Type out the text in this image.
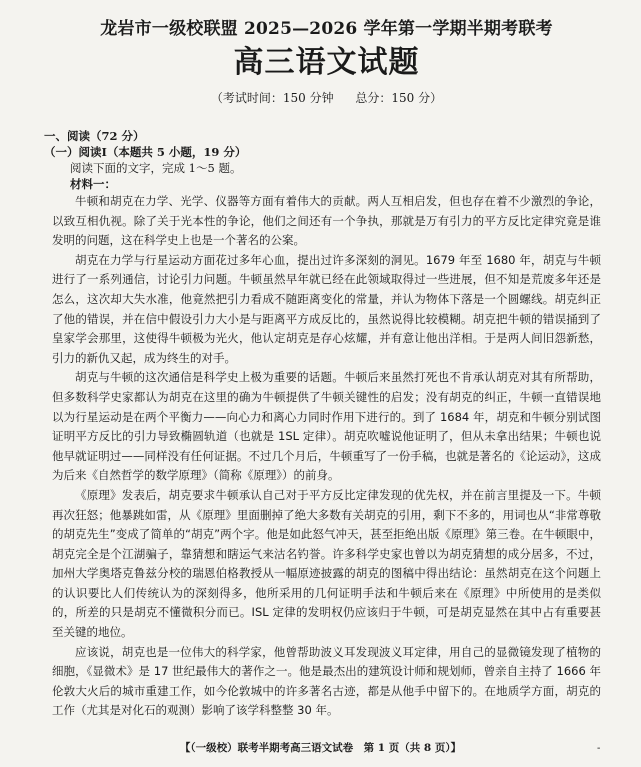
龙岩市一级校联盟 2025—2026 学年第一学期半期考联考
高三语文试题
（考试时间：150 分钟 总分：150 分）
一、阅读（72 分）
（一）阅读Ⅰ（本题共 5 小题，19 分）
阅读下面的文字，完成 1～5 题。
材料一：

牛顿和胡克在力学、光学、仪器等方面有着伟大的贡献。两人互相启发，但也存在着不少激烈的争论，以致互相仇视。除了关于光本性的争论，他们之间还有一个争执，那就是万有引力的平方反比定律究竟是谁发明的问题，这在科学史上也是一个著名的公案。

胡克在力学与行星运动方面花过多年心血，提出过许多深刻的洞见。1679 年至 1680 年，胡克与牛顿进行了一系列通信，讨论引力问题。牛顿虽然早年就已经在此领域取得过一些进展，但不知是荒废多年还是怎么，这次却大失水准，他竟然把引力看成不随距离变化的常量，并认为物体下落是一个圆螺线。胡克纠正了他的错误，并在信中假设引力大小是与距离平方成反比的，虽然说得比较模糊。胡克把牛顿的错误捅到了皇家学会那里，这使得牛顿极为光火，他认定胡克是存心炫耀，并有意让他出洋相。于是两人间旧怨新愁，引力的新仇又起，成为终生的对手。

胡克与牛顿的这次通信是科学史上极为重要的话题。牛顿后来虽然打死也不肯承认胡克对其有所帮助，但多数科学史家都认为胡克在这里的确为牛顿提供了牛顿关键性的启发；没有胡克的纠正，牛顿一直错误地以为行星运动是在两个平衡力——向心力和离心力同时作用下进行的。到了 1684 年，胡克和牛顿分别试图证明平方反比的引力导致椭圆轨道（也就是 1SL 定律）。胡克吹嘘说他证明了，但从未拿出结果；牛顿也说他早就证明过——同样没有任何证据。不过几个月后，牛顿重写了一份手稿，也就是著名的《论运动》，这成为后来《自然哲学的数学原理》（简称《原理》）的前身。

《原理》发表后，胡克要求牛顿承认自己对于平方反比定律发现的优先权，并在前言里提及一下。牛顿再次狂怒；他暴跳如雷，从《原理》里面删掉了绝大多数有关胡克的引用，剩下不多的，用词也从“非常尊敬的胡克先生”变成了简单的“胡克”两个字。他是如此怒气冲天，甚至拒绝出版《原理》第三卷。在牛顿眼中，胡克完全是个江湖骗子，靠猜想和瞎运气来沽名钓誉。许多科学史家也曾以为胡克猜想的成分居多，不过，加州大学奥塔克鲁兹分校的瑞恩伯格教授从一幅原迹披露的胡克的图稿中得出结论：虽然胡克在这个问题上的认识要比人们传统认为的深刻得多，他所采用的几何证明手法和牛顿后来在《原理》中所使用的是类似的，所差的只是胡克不懂微积分而已。ISL 定律的发明权仍应该归于牛顿，可是胡克显然在其中占有重要甚至关键的地位。

应该说，胡克也是一位伟大的科学家，他曾帮助波义耳发现波义耳定律，用自己的显微镜发现了植物的细胞，《显微术》是 17 世纪最伟大的著作之一。他是最杰出的建筑设计师和规划师，曾亲自主持了 1666 年伦敦大火后的城市重建工作，如今伦敦城中的许多著名古迹，都是从他手中留下的。在地质学方面，胡克的工作（尤其是对化石的观测）影响了该学科整整 30 年。

【（一级校）联考半期考高三语文试卷　第 1 页（共 8 页）】	-
